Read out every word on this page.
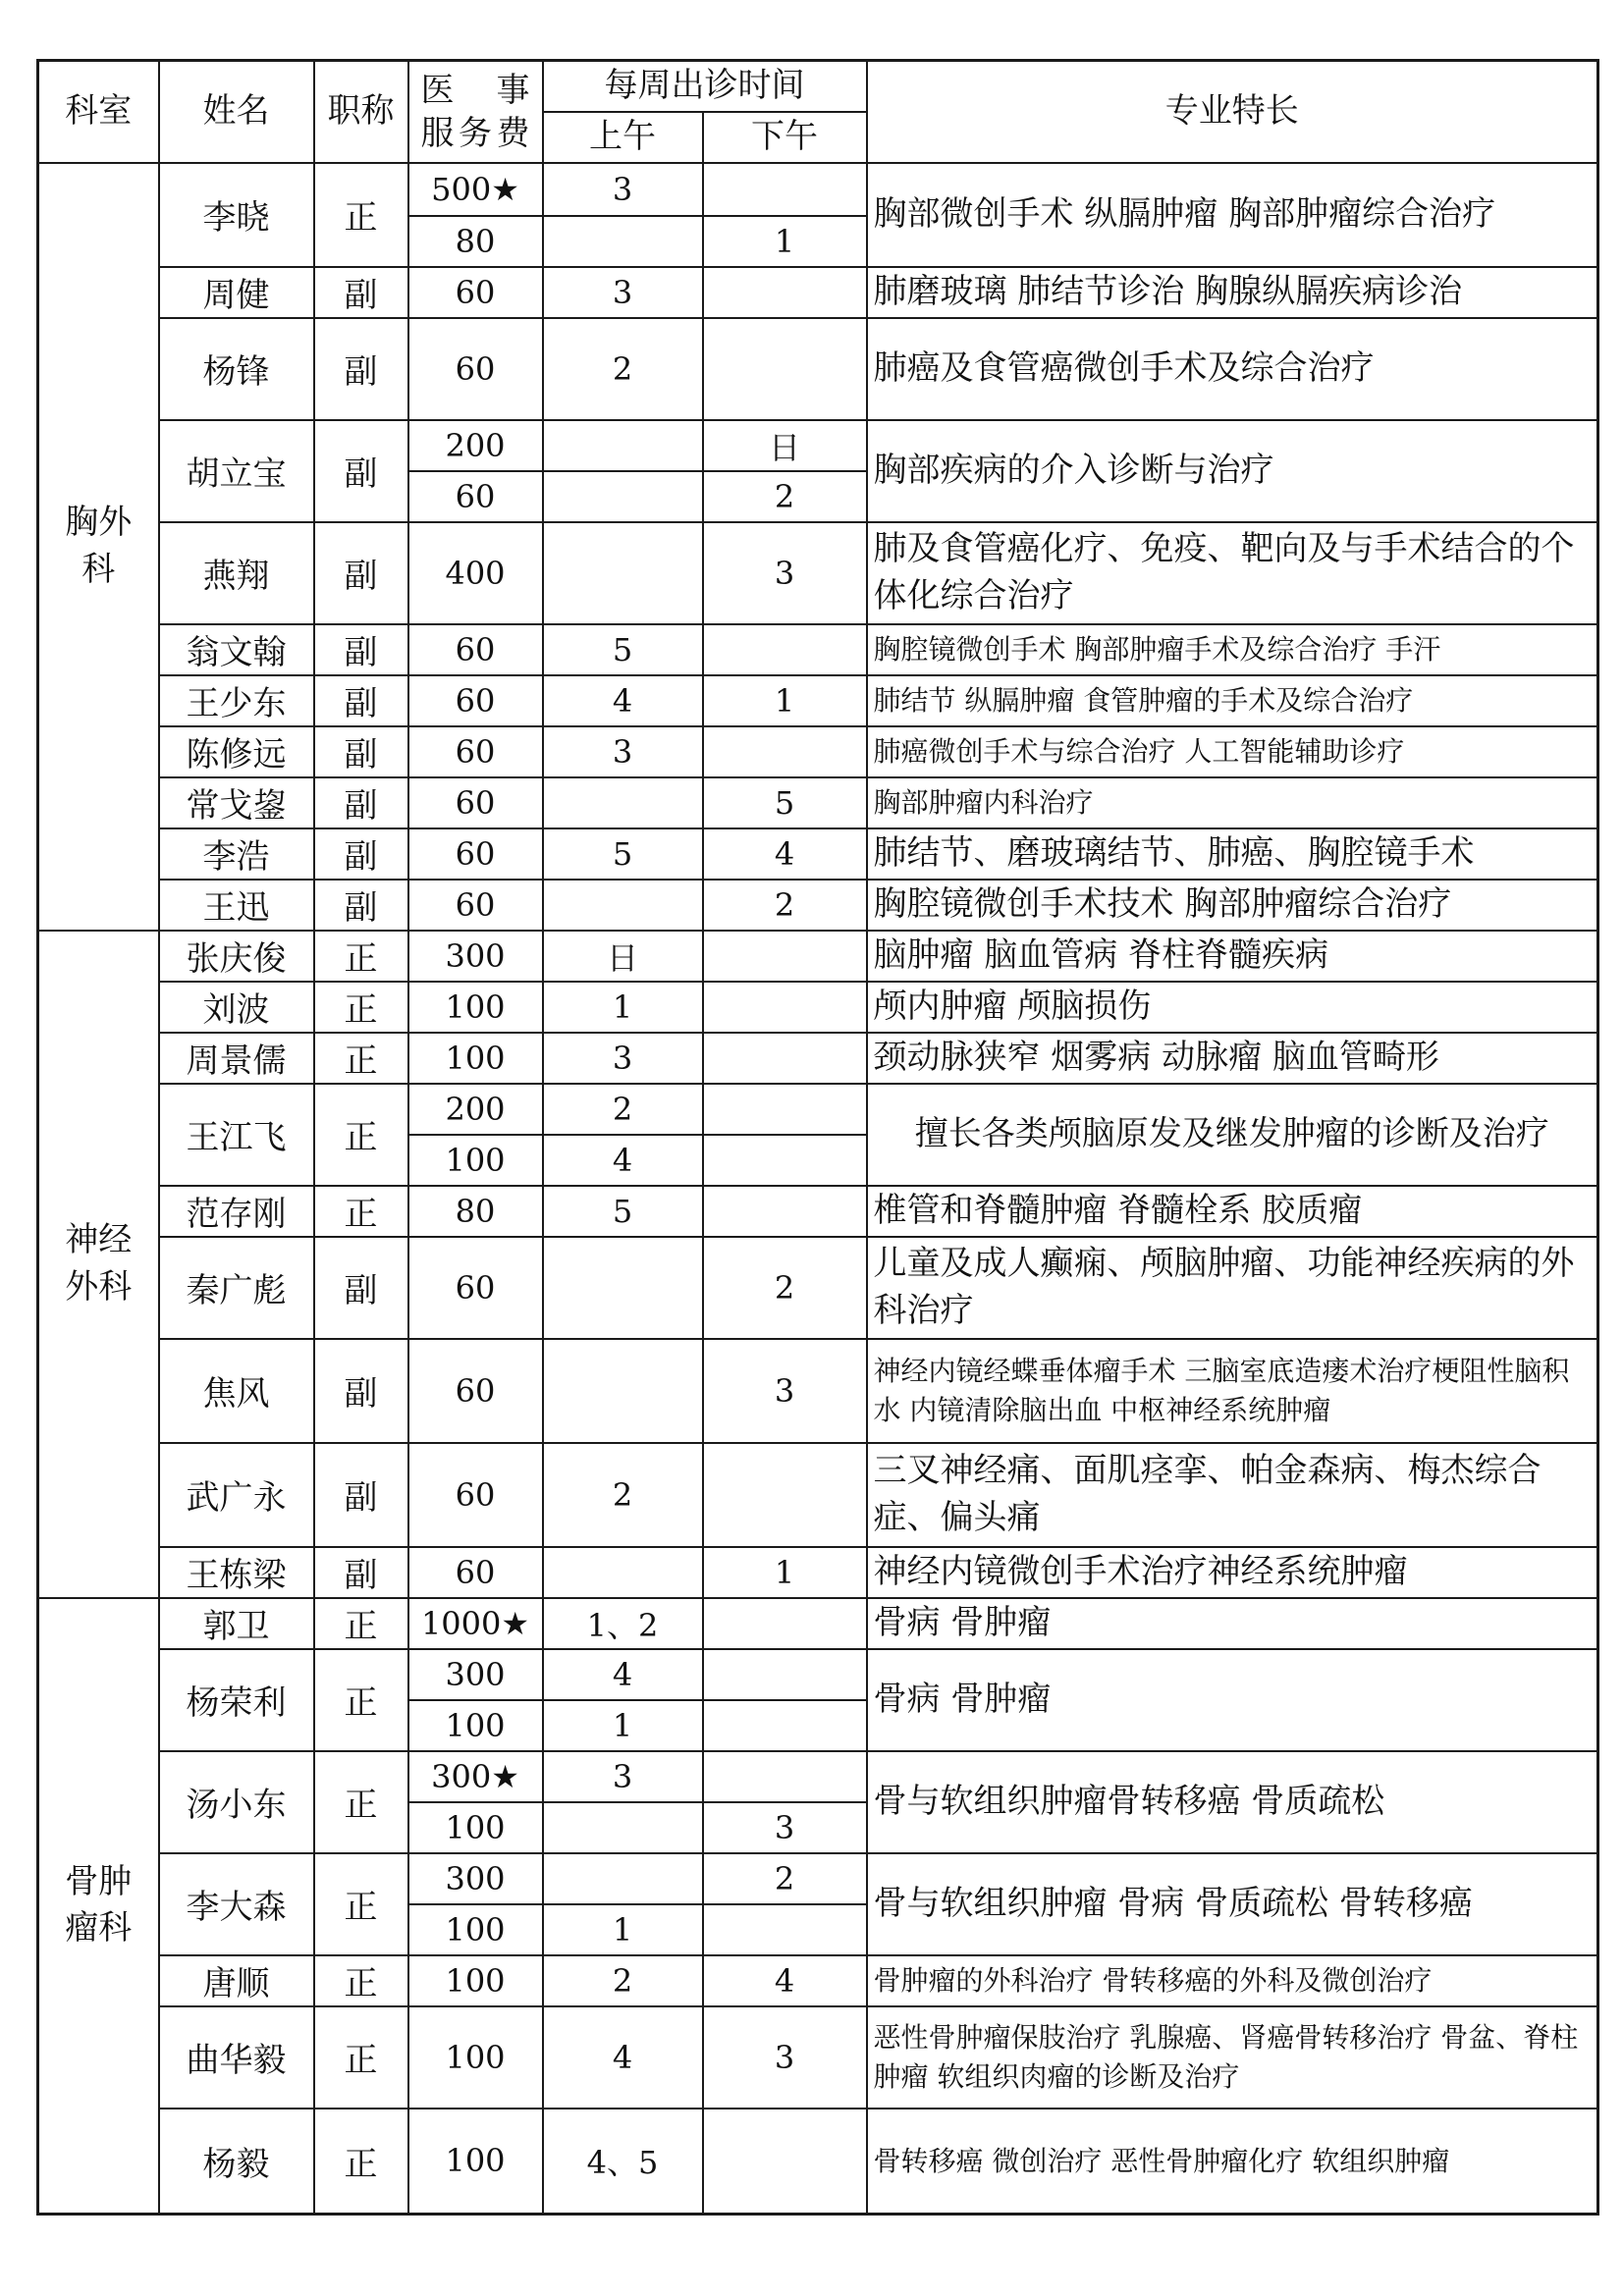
科室	姓名	职称	医 事
服务费	每周出诊时间		专业特长
				上午	下午	
胸外科	李晓	正	500★	3		胸部微创手术 纵膈肿瘤 胸部肿瘤综合治疗
			80		1	
	周健	副	60	3		肺磨玻璃 肺结节诊治 胸腺纵膈疾病诊治
	杨锋	副	60	2		肺癌及食管癌微创手术及综合治疗
	胡立宝	副	200		日	胸部疾病的介入诊断与治疗
			60		2	
	燕翔	副	400		3	肺及食管癌化疗、免疫、靶向及与手术结合的个体化综合治疗
	翁文翰	副	60	5		胸腔镜微创手术 胸部肿瘤手术及综合治疗 手汗
	王少东	副	60	4	1	肺结节 纵膈肿瘤 食管肿瘤的手术及综合治疗
	陈修远	副	60	3		肺癌微创手术与综合治疗 人工智能辅助诊疗
	常戈鋆	副	60		5	胸部肿瘤内科治疗
	李浩	副	60	5	4	肺结节、磨玻璃结节、肺癌、胸腔镜手术
	王迅	副	60		2	胸腔镜微创手术技术 胸部肿瘤综合治疗
神经外科	张庆俊	正	300	日		脑肿瘤 脑血管病 脊柱脊髓疾病
	刘波	正	100	1		颅内肿瘤 颅脑损伤
	周景儒	正	100	3		颈动脉狭窄 烟雾病 动脉瘤 脑血管畸形
	王江飞	正	200	2		擅长各类颅脑原发及继发肿瘤的诊断及治疗
			100	4		
	范存刚	正	80	5		椎管和脊髓肿瘤 脊髓栓系 胶质瘤
	秦广彪	副	60		2	儿童及成人癫痫、颅脑肿瘤、功能神经疾病的外科治疗
	焦风	副	60		3	神经内镜经蝶垂体瘤手术 三脑室底造瘘术治疗梗阻性脑积水 内镜清除脑出血 中枢神经系统肿瘤
	武广永	副	60	2		三叉神经痛、面肌痉挛、帕金森病、梅杰综合症、偏头痛
	王栋梁	副	60		1	神经内镜微创手术治疗神经系统肿瘤
骨肿瘤科	郭卫	正	1000★	1、2		骨病 骨肿瘤
	杨荣利	正	300	4		骨病 骨肿瘤
			100	1		
	汤小东	正	300★	3		骨与软组织肿瘤骨转移癌 骨质疏松
			100		3	
	李大森	正	300		2	骨与软组织肿瘤 骨病 骨质疏松 骨转移癌
			100	1		
	唐顺	正	100	2	4	骨肿瘤的外科治疗 骨转移癌的外科及微创治疗
	曲华毅	正	100	4	3	恶性骨肿瘤保肢治疗 乳腺癌、肾癌骨转移治疗 骨盆、脊柱肿瘤 软组织肉瘤的诊断及治疗
	杨毅	正	100	4、5		骨转移癌 微创治疗 恶性骨肿瘤化疗 软组织肿瘤
